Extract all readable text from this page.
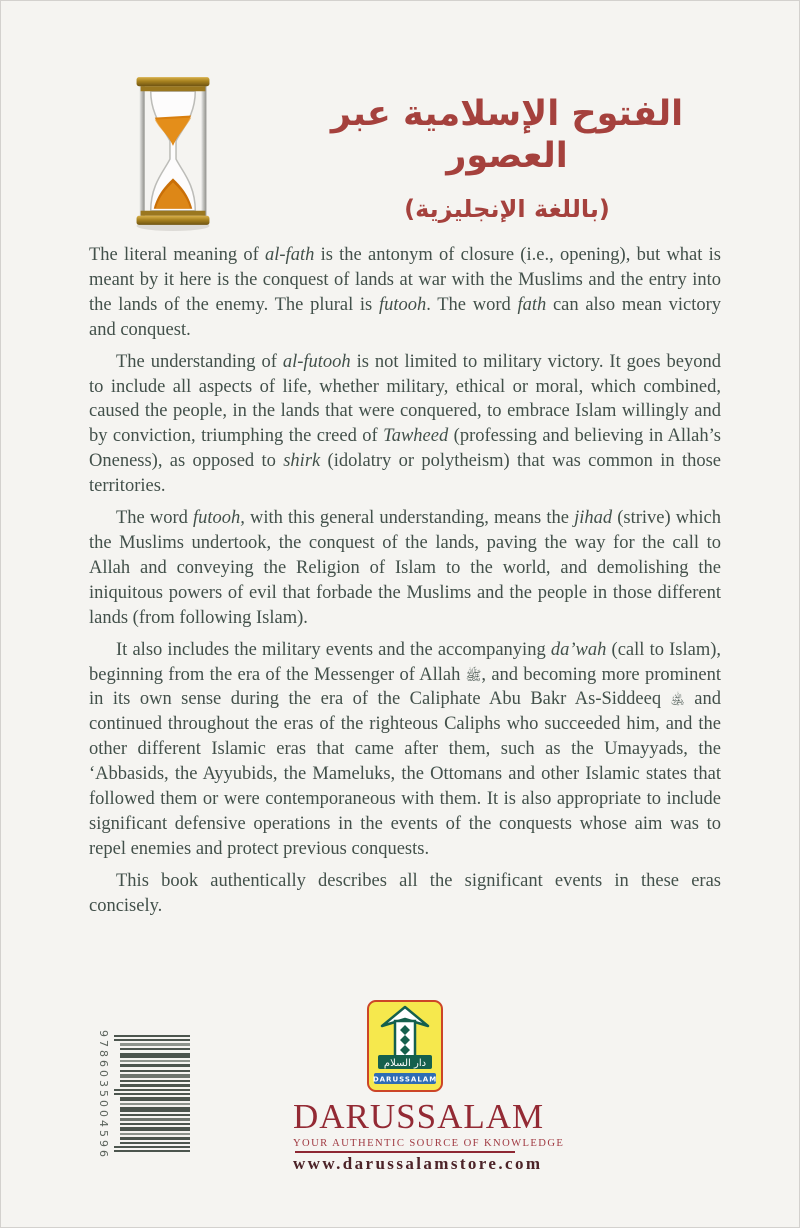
الفتوح الإسلامية عبر العصور
(باللغة الإنجليزية)

The literal meaning of al-fath is the antonym of closure (i.e., opening), but what is meant by it here is the conquest of lands at war with the Muslims and the entry into the lands of the enemy. The plural is futooh. The word fath can also mean victory and conquest.

The understanding of al-futooh is not limited to military victory. It goes beyond to include all aspects of life, whether military, ethical or moral, which combined, caused the people, in the lands that were conquered, to embrace Islam willingly and by conviction, triumphing the creed of Tawheed (professing and believing in Allah’s Oneness), as opposed to shirk (idolatry or polytheism) that was common in those territories.

The word futooh, with this general understanding, means the jihad (strive) which the Muslims undertook, the conquest of the lands, paving the way for the call to Allah and conveying the Religion of Islam to the world, and demolishing the iniquitous powers of evil that forbade the Muslims and the people in those different lands (from following Islam).

It also includes the military events and the accompanying da’wah (call to Islam), beginning from the era of the Messenger of Allah ﷺ, and becoming more prominent in its own sense during the era of the Caliphate Abu Bakr As-Siddeeq ﵁ and continued throughout the eras of the righteous Caliphs who succeeded him, and the other different Islamic eras that came after them, such as the Umayyads, the ‘Abbasids, the Ayyubids, the Mameluks, the Ottomans and other Islamic states that followed them or were contemporaneous with them. It is also appropriate to include significant defensive operations in the events of the conquests whose aim was to repel enemies and protect previous conquests.

This book authentically describes all the significant events in these eras concisely.

9786035004596	دار السلام
DARUSSALAM
DARUSSALAM
YOUR AUTHENTIC SOURCE OF KNOWLEDGE
www.darussalamstore.com
